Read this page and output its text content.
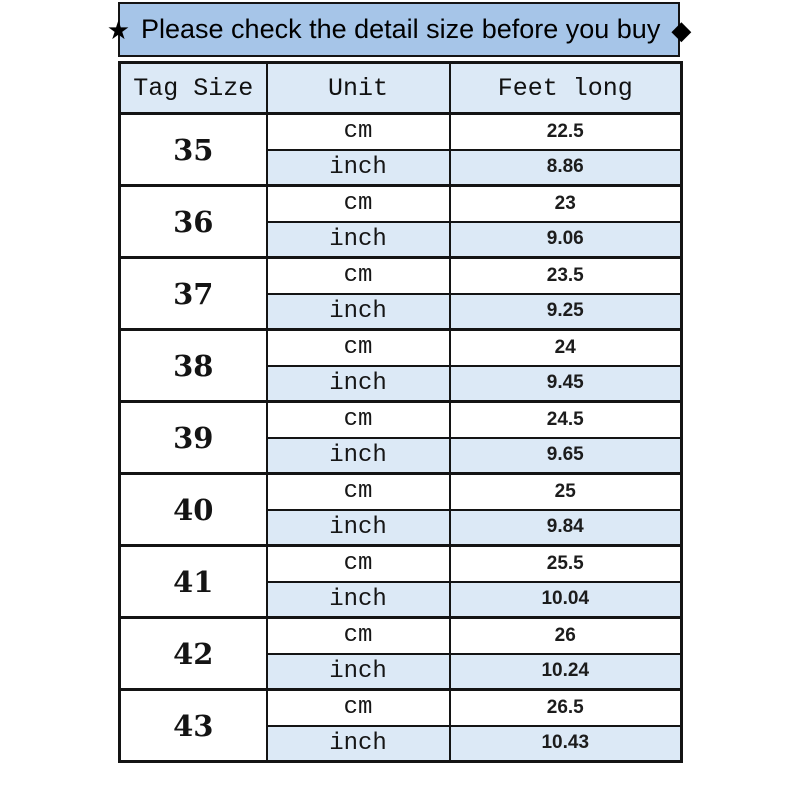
★ Please check the detail size before you buy ◆
Tag Size	Unit	Feet long
35	cm	22.5
	inch	8.86
36	cm	23
	inch	9.06
37	cm	23.5
	inch	9.25
38	cm	24
	inch	9.45
39	cm	24.5
	inch	9.65
40	cm	25
	inch	9.84
41	cm	25.5
	inch	10.04
42	cm	26
	inch	10.24
43	cm	26.5
	inch	10.43
